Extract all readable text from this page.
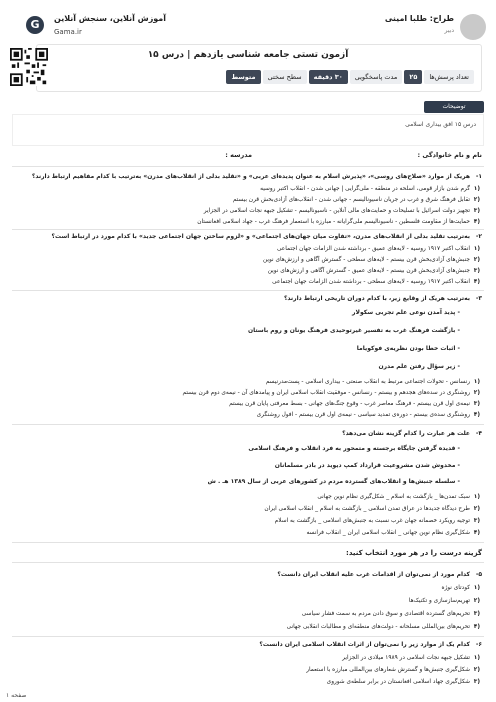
طراح: طلبا امینی
دبیر
G	آموزش آنلاین، سنجش آنلاین
Gama.ir
آزمون تستی جامعه شناسی یازدهم | درس ۱۵
تعداد پرسش‌ها
۲۵
مدت پاسخگویی
۳۰ دقیقه
سطح سختی
متوسط
توضیحات
درس ۱۵ افق بیداری اسلامی
نام و نام خانوادگی :
مدرسه :
۱-
هریک از موارد «صلاح‌های روسی»، «پذیرش اسلام به عنوان پدیده‌ای عربی» و «تقلید بدلی از انقلاب‌های مدرن» به‌ترتیب با کدام مفاهیم ارتباط دارند؟
(۱
گرم شدن بازار قومی، اسلحه در منطقه - ملی‌گرایی | جهانی شدن - انقلاب اکتبر روسیه
(۲
تقابل فرهنگ شرق و غرب در جریان ناسیونالیسم - جهانی شدن - انقلاب‌های آزادی‌بخش قرن بیستم
(۳
تجهیز دولت اسرائیل با تسلیحات و حمایت‌های مالی آنلاین - ناسیونالیسم - تشکیل جبهه نجات اسلامی در الجزایر
(۴
حمایت‌ها از مقاومت فلسطین - ناسیونالیسم ملی‌گرایانه - مبارزه با استعمار فرهنگ غرب - جهاد اسلامی افغانستان
۲-
به‌ترتیب تقلید بدلی از انقلاب‌های مدرن، «تفاوت میان جهان‌های اجتماعی» و «لزوم ساختن جهان اجتماعی جدید» با کدام مورد در ارتباط است؟
(۱
انقلاب اکتبر ۱۹۱۷ روسیه - لایه‌های عمیق - برداشته شدن الزامات جهان اجتماعی
(۲
جنبش‌های آزادی‌بخش قرن بیستم - لایه‌های سطحی - گسترش آگاهی و ارزش‌های نوین
(۳
جنبش‌های آزادی‌بخش قرن بیستم - لایه‌های عمیق - گسترش آگاهی و ارزش‌های نوین
(۴
انقلاب اکتبر ۱۹۱۷ روسیه - لایه‌های سطحی - برداشته شدن الزامات جهان اجتماعی
۳-
به‌ترتیب هریک از وقایع زیر، با کدام دوران تاریخی ارتباط دارند؟
- پدید آمدن نوعی علم تجربی سکولار
- بازگشت فرهنگ غرب به تفسیر غیرتوحیدی فرهنگ یونان و روم باستان
- اثبات خطا بودن نظریه‌ی فوکویاما
- زیر سؤال رفتن علم مدرن
(۱
رنسانس - تحولات اجتماعی مرتبط به انقلاب صنعتی - بیداری اسلامی - پست‌مدرنیسم
(۲
روشنگری در سده‌های هجدهم و بیستم - رنسانس - موفقیت انقلاب اسلامی ایران و پیامدهای آن - نیمه‌ی دوم قرن بیستم
(۳
نیمه‌ی اول قرن بیستم - فرهنگ معاصر غرب - وقوع جنگ‌های جهانی - بسط معرفتی پایان قرن بیستم
(۴
روشنگری سده‌ی بیستم - دوره‌ی تمدید سیاسی - نیمه‌ی اول قرن بیستم - افول روشنگری
۴-
علت هر عبارت را کدام گزینه نشان می‌دهد؟
- قدیده گرفتن جایگاه برجسته و متمحور به فرد انقلاب و فرهنگ اسلامی
- مخدوش شدن مشروعیت قرارداد کمپ دیوید در بادر مسلمانان
- سلسله جنبش‌ها و انقلاب‌های گسترده مردم در کشورهای عربی از سال ۱۳۸۹ هـ . ش
(۱
سبک تمدن‌ها _ بازگشت به اسلام _ شکل‌گیری نظام نوین جهانی
(۲
طرح دیدگاه جدیدها در عراق تمدن اسلامی _ بازگشت به اسلام _ انقلاب اسلامی ایران
(۳
توجیه رویکرد خصمانه جهان غرب نسبت به جنبش‌های اسلامی _ بازگشت به اسلام
(۴
شکل‌گیری نظام نوین جهانی _ انقلاب اسلامی ایران _ انقلاب فرانسه
گزینه درست را در هر مورد انتخاب کنید:
۵-
کدام مورد از نمی‌توان از اقدامات غرب علیه انقلاب ایران دانست؟
(۱
کودتای نوژه
(۲
تهریم‌ساز‌سازی و تکنیک‌ها
(۳
تحریم‌های گسترده اقتصادی و سوق دادن مردم به سمت فشار سیاسی
(۴
تحریم‌های بین‌المللی مسلحانه - دولت‌های منطقه‌ای و مطالبات انقلابی جهانی
۶-
کدام یک از موارد زیر را نمی‌توان از اثرات انقلاب اسلامی ایران دانست؟
(۱
تشکیل جبهه نجات اسلامی در ۱۹۸۹ میلادی در الجزایر
(۲
شکل‌گیری جنبش‌ها و گسترش شعارهای بین‌المللی مبارزه با استعمار
(۳
شکل‌گیری جهاد اسلامی افغانستان در برابر سلطه‌ی شوروی
صفحه ۱
